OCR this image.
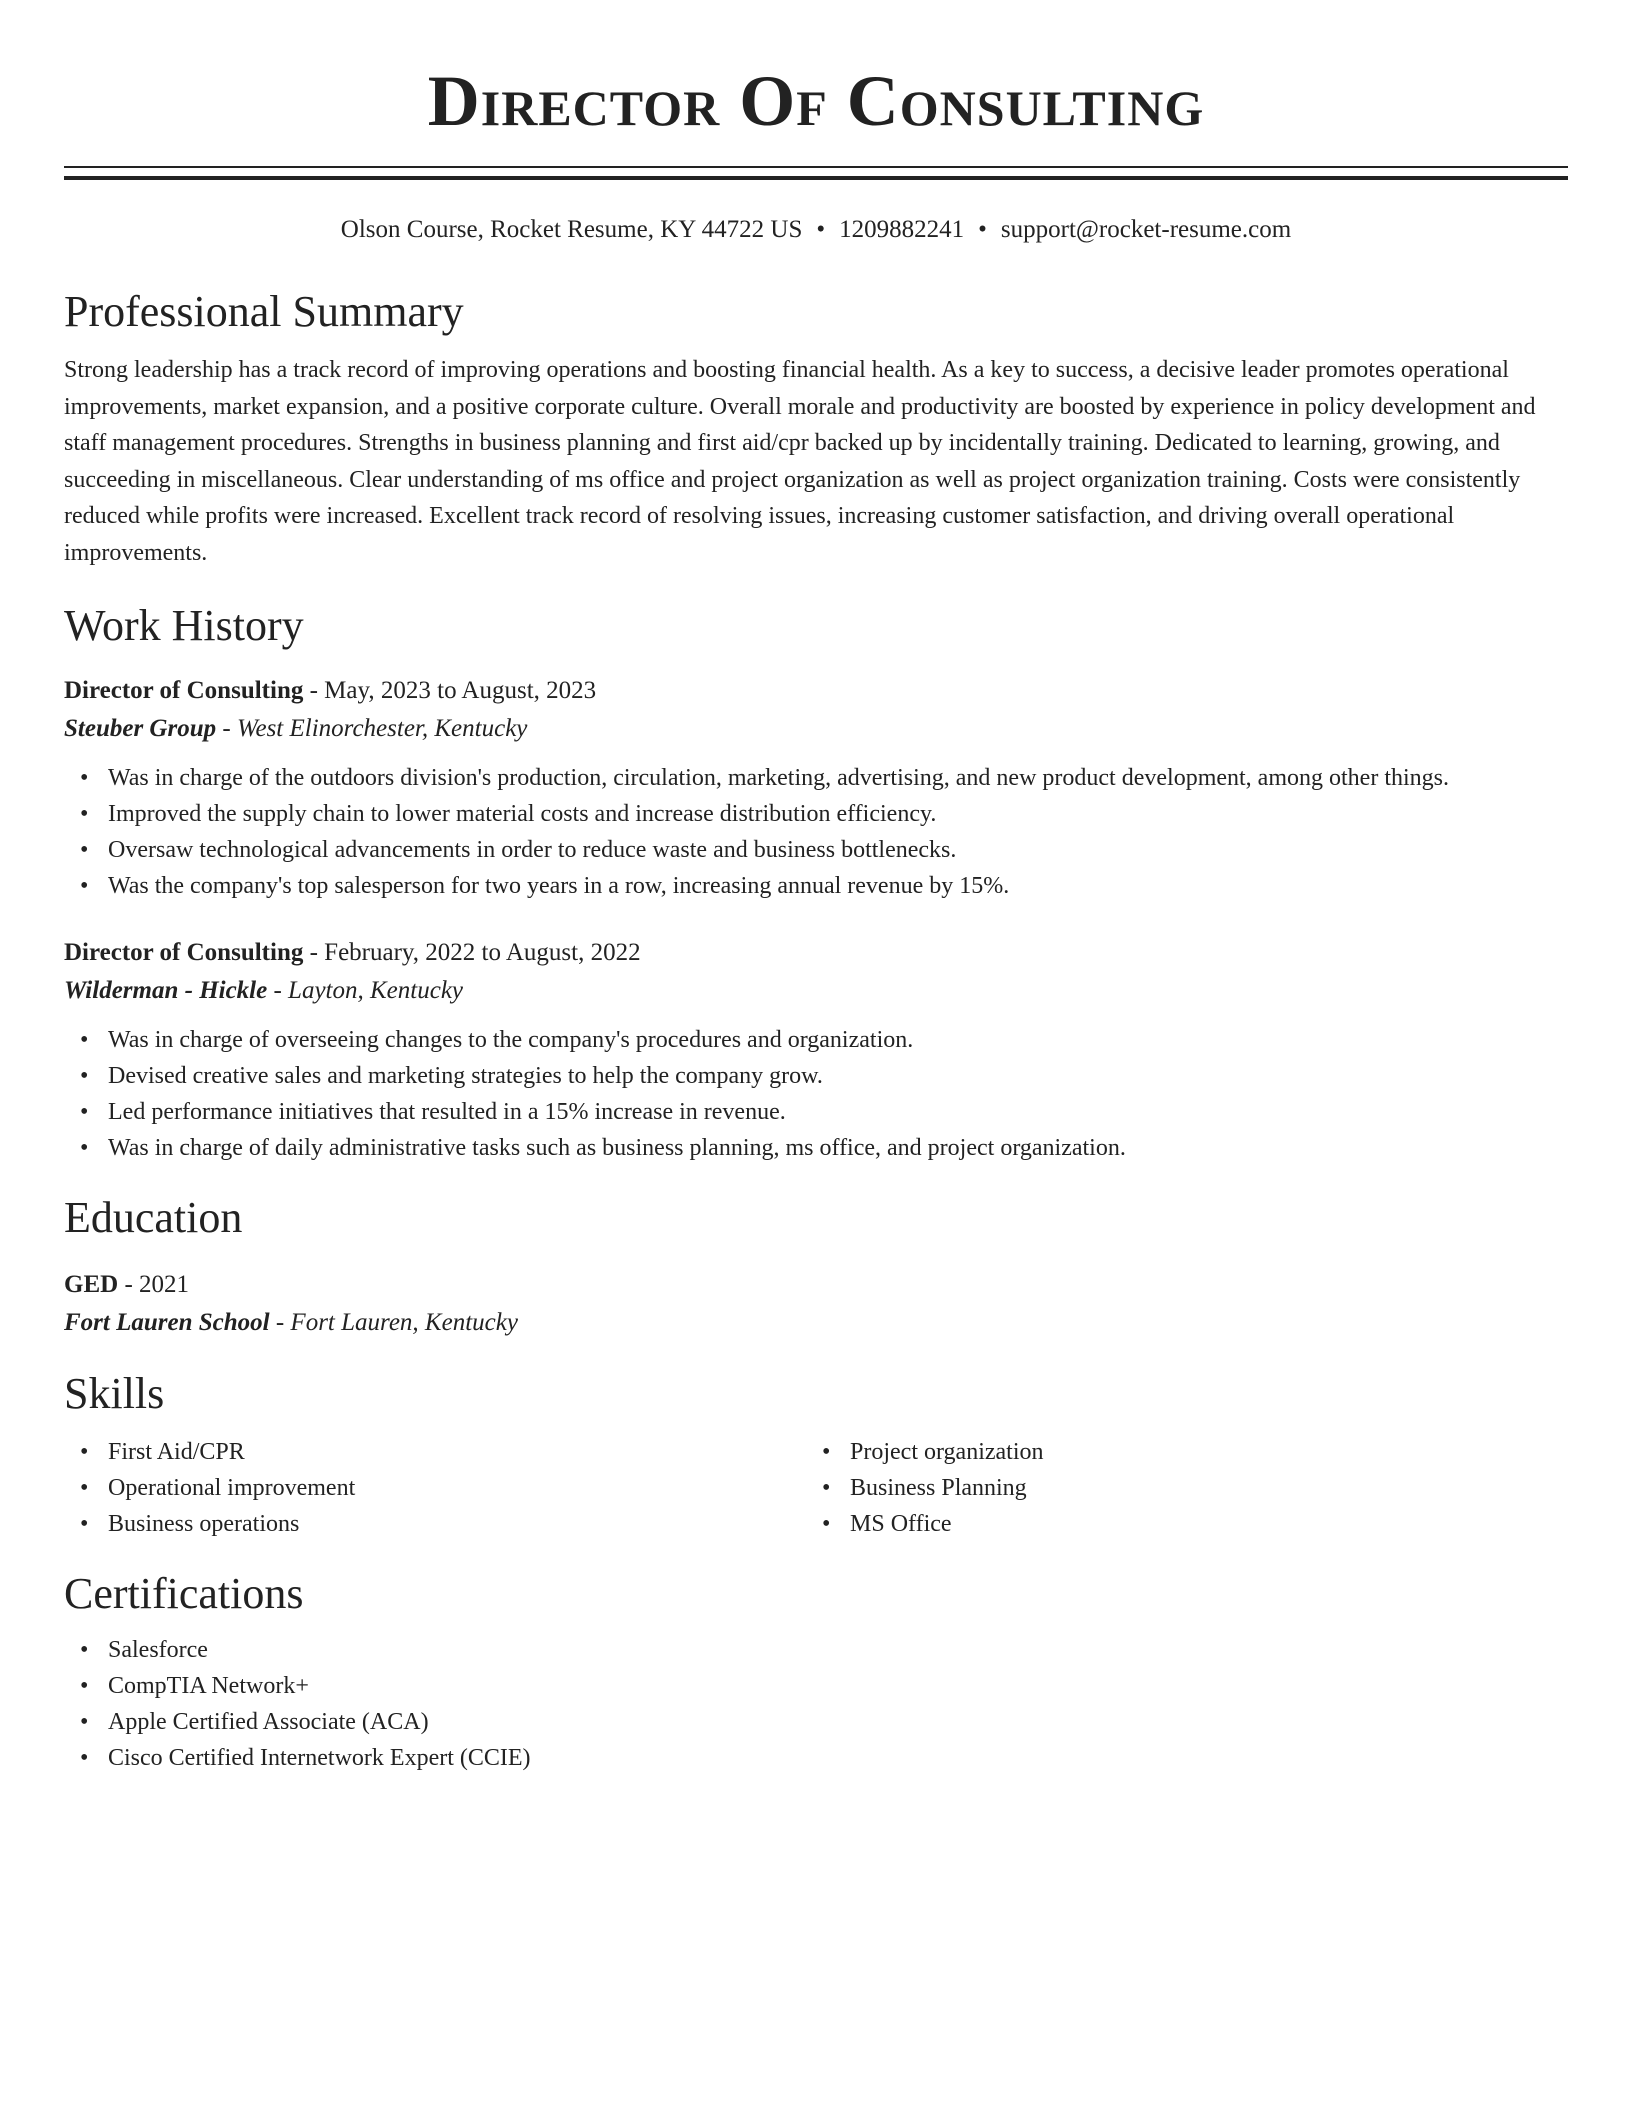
Director Of Consulting
Olson Course, Rocket Resume, KY 44722 US • 1209882241 • support@rocket-resume.com
Professional Summary

Strong leadership has a track record of improving operations and boosting financial health. As a key to success, a decisive leader promotes operational improvements, market expansion, and a positive corporate culture. Overall morale and productivity are boosted by experience in policy development and staff management procedures. Strengths in business planning and first aid/cpr backed up by incidentally training. Dedicated to learning, growing, and succeeding in miscellaneous. Clear understanding of ms office and project organization as well as project organization training. Costs were consistently reduced while profits were increased. Excellent track record of resolving issues, increasing customer satisfaction, and driving overall operational improvements.

Work History
Director of Consulting - May, 2023 to August, 2023
Steuber Group - West Elinorchester, Kentucky
• Was in charge of the outdoors division's production, circulation, marketing, advertising, and new product development, among other things.
• Improved the supply chain to lower material costs and increase distribution efficiency.
• Oversaw technological advancements in order to reduce waste and business bottlenecks.
• Was the company's top salesperson for two years in a row, increasing annual revenue by 15%.
Director of Consulting - February, 2022 to August, 2022
Wilderman - Hickle - Layton, Kentucky
• Was in charge of overseeing changes to the company's procedures and organization.
• Devised creative sales and marketing strategies to help the company grow.
• Led performance initiatives that resulted in a 15% increase in revenue.
• Was in charge of daily administrative tasks such as business planning, ms office, and project organization.
Education
GED - 2021
Fort Lauren School - Fort Lauren, Kentucky
Skills
• First Aid/CPR
• Operational improvement
• Business operations
• Project organization
• Business Planning
• MS Office
Certifications
• Salesforce
• CompTIA Network+
• Apple Certified Associate (ACA)
• Cisco Certified Internetwork Expert (CCIE)
